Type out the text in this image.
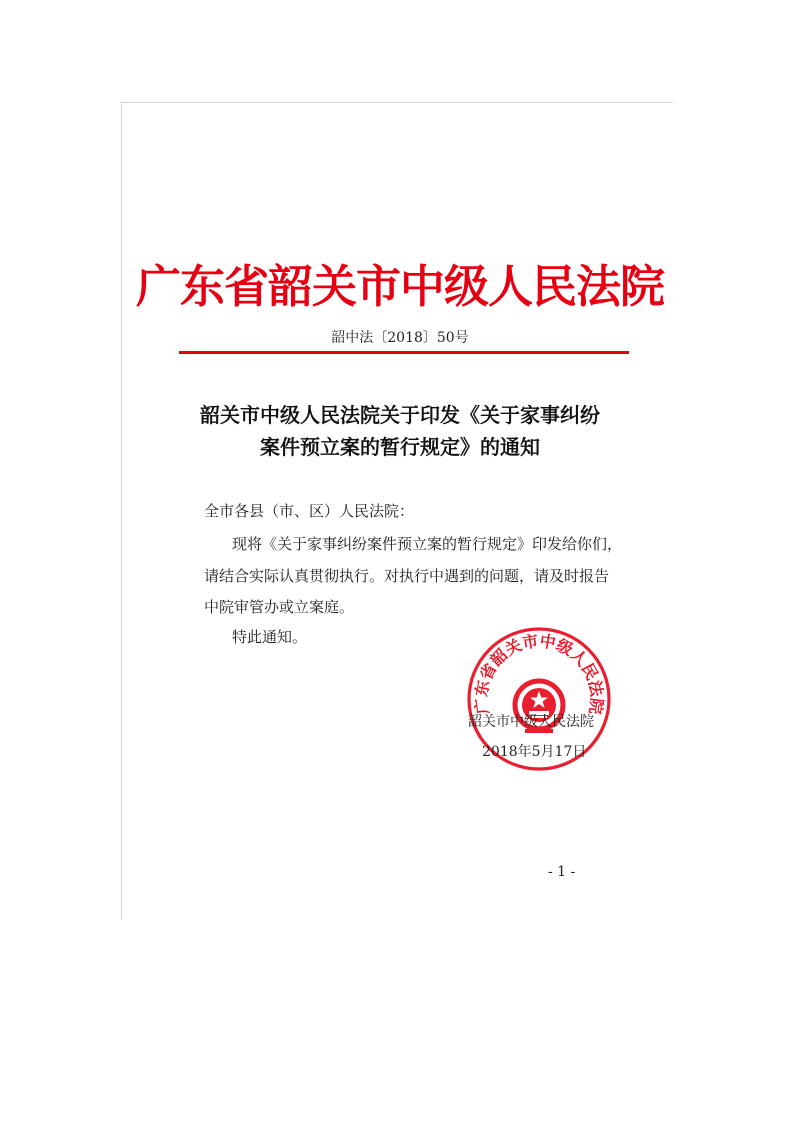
广东省韶关市中级人民法院
韶中法〔2018〕50号
韶关市中级人民法院关于印发《关于家事纠纷
案件预立案的暂行规定》的通知
全市各县（市、区）人民法院：
现将《关于家事纠纷案件预立案的暂行规定》印发给你们，
请结合实际认真贯彻执行。对执行中遇到的问题，请及时报告
中院审管办或立案庭。
特此通知。
广东省韶关市中级人民法院
韶关市中级人民法院
2018年5月17日
- 1 -
